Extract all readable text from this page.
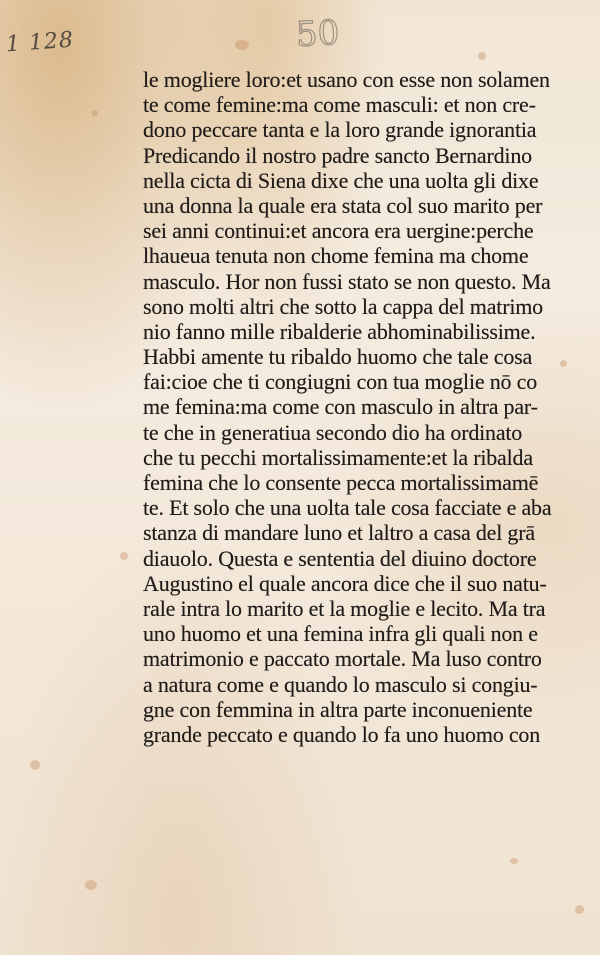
1 128	50
le mogliere loro:et usano con esse non solamen
te come femine:ma come masculi: et non cre-
dono peccare tanta e la loro grande ignorantia
Predicando il nostro padre sancto Bernardino
nella cicta di Siena dixe che una uolta gli dixe
una donna la quale era stata col suo marito per
sei anni continui:et ancora era uergine:perche
lhaueua tenuta non chome femina ma chome
masculo. Hor non fussi stato se non questo. Ma
sono molti altri che sotto la cappa del matrimo
nio fanno mille ribalderie abhominabilissime.
Habbi amente tu ribaldo huomo che tale cosa
fai:cioe che ti congiugni con tua moglie nō co
me femina:ma come con masculo in altra par-
te che in generatiua secondo dio ha ordinato
che tu pecchi mortalissimamente:et la ribalda
femina che lo consente pecca mortalissimamē
te. Et solo che una uolta tale cosa facciate e aba
stanza di mandare luno et laltro a casa del grā
diauolo. Questa e sententia del diuino doctore
Augustino el quale ancora dice che il suo natu-
rale intra lo marito et la moglie e lecito. Ma tra
uno huomo et una femina infra gli quali non e
matrimonio e paccato mortale. Ma luso contro
a natura come e quando lo masculo si congiu-
gne con femmina in altra parte inconueniente
grande peccato e quando lo fa uno huomo con
